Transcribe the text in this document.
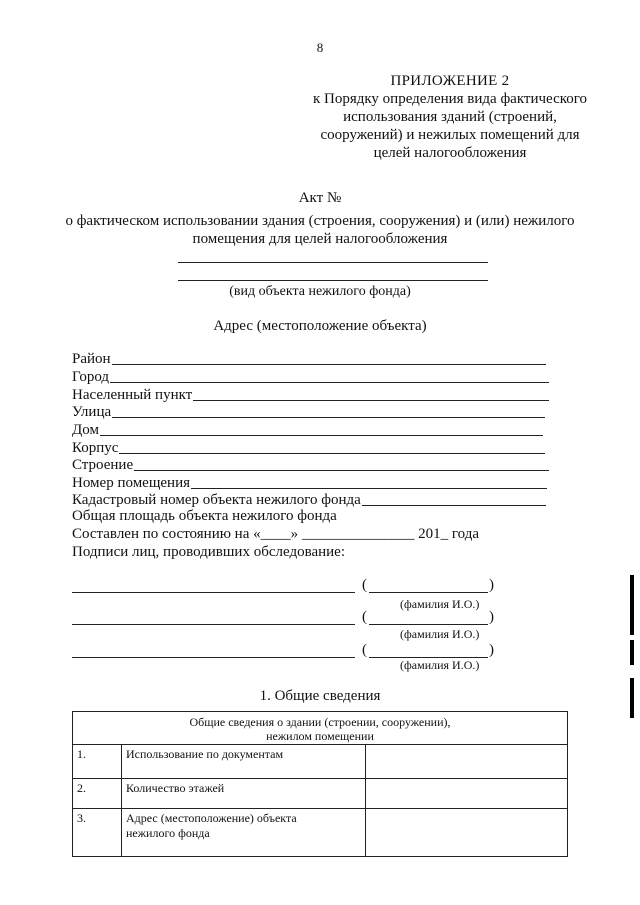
8
ПРИЛОЖЕНИЕ 2
к Порядку определения вида фактического
использования зданий (строений,
сооружений) и нежилых помещений для
целей налогообложения
Акт №
о фактическом использовании здания (строения, сооружения) и (или) нежилого
помещения для целей налогообложения
(вид объекта нежилого фонда)
Адрес (местоположение объекта)
Район
Город
Населенный пункт
Улица
Дом
Корпус
Строение
Номер помещения
Кадастровый номер объекта нежилого фонда
Общая площадь объекта нежилого фонда
Составлен по состоянию на «____» _______________ 201_ года
Подписи лиц, проводивших обследование:
(	)
(фамилия И.О.)
(	)
(фамилия И.О.)
(	)
(фамилия И.О.)
1. Общие сведения
Общие сведения о здании (строении, сооружении),
нежилом помещении		

1.	Использование по документам	

2.	Количество этажей	

3.	Адрес (местоположение) объекта
нежилого фонда	
